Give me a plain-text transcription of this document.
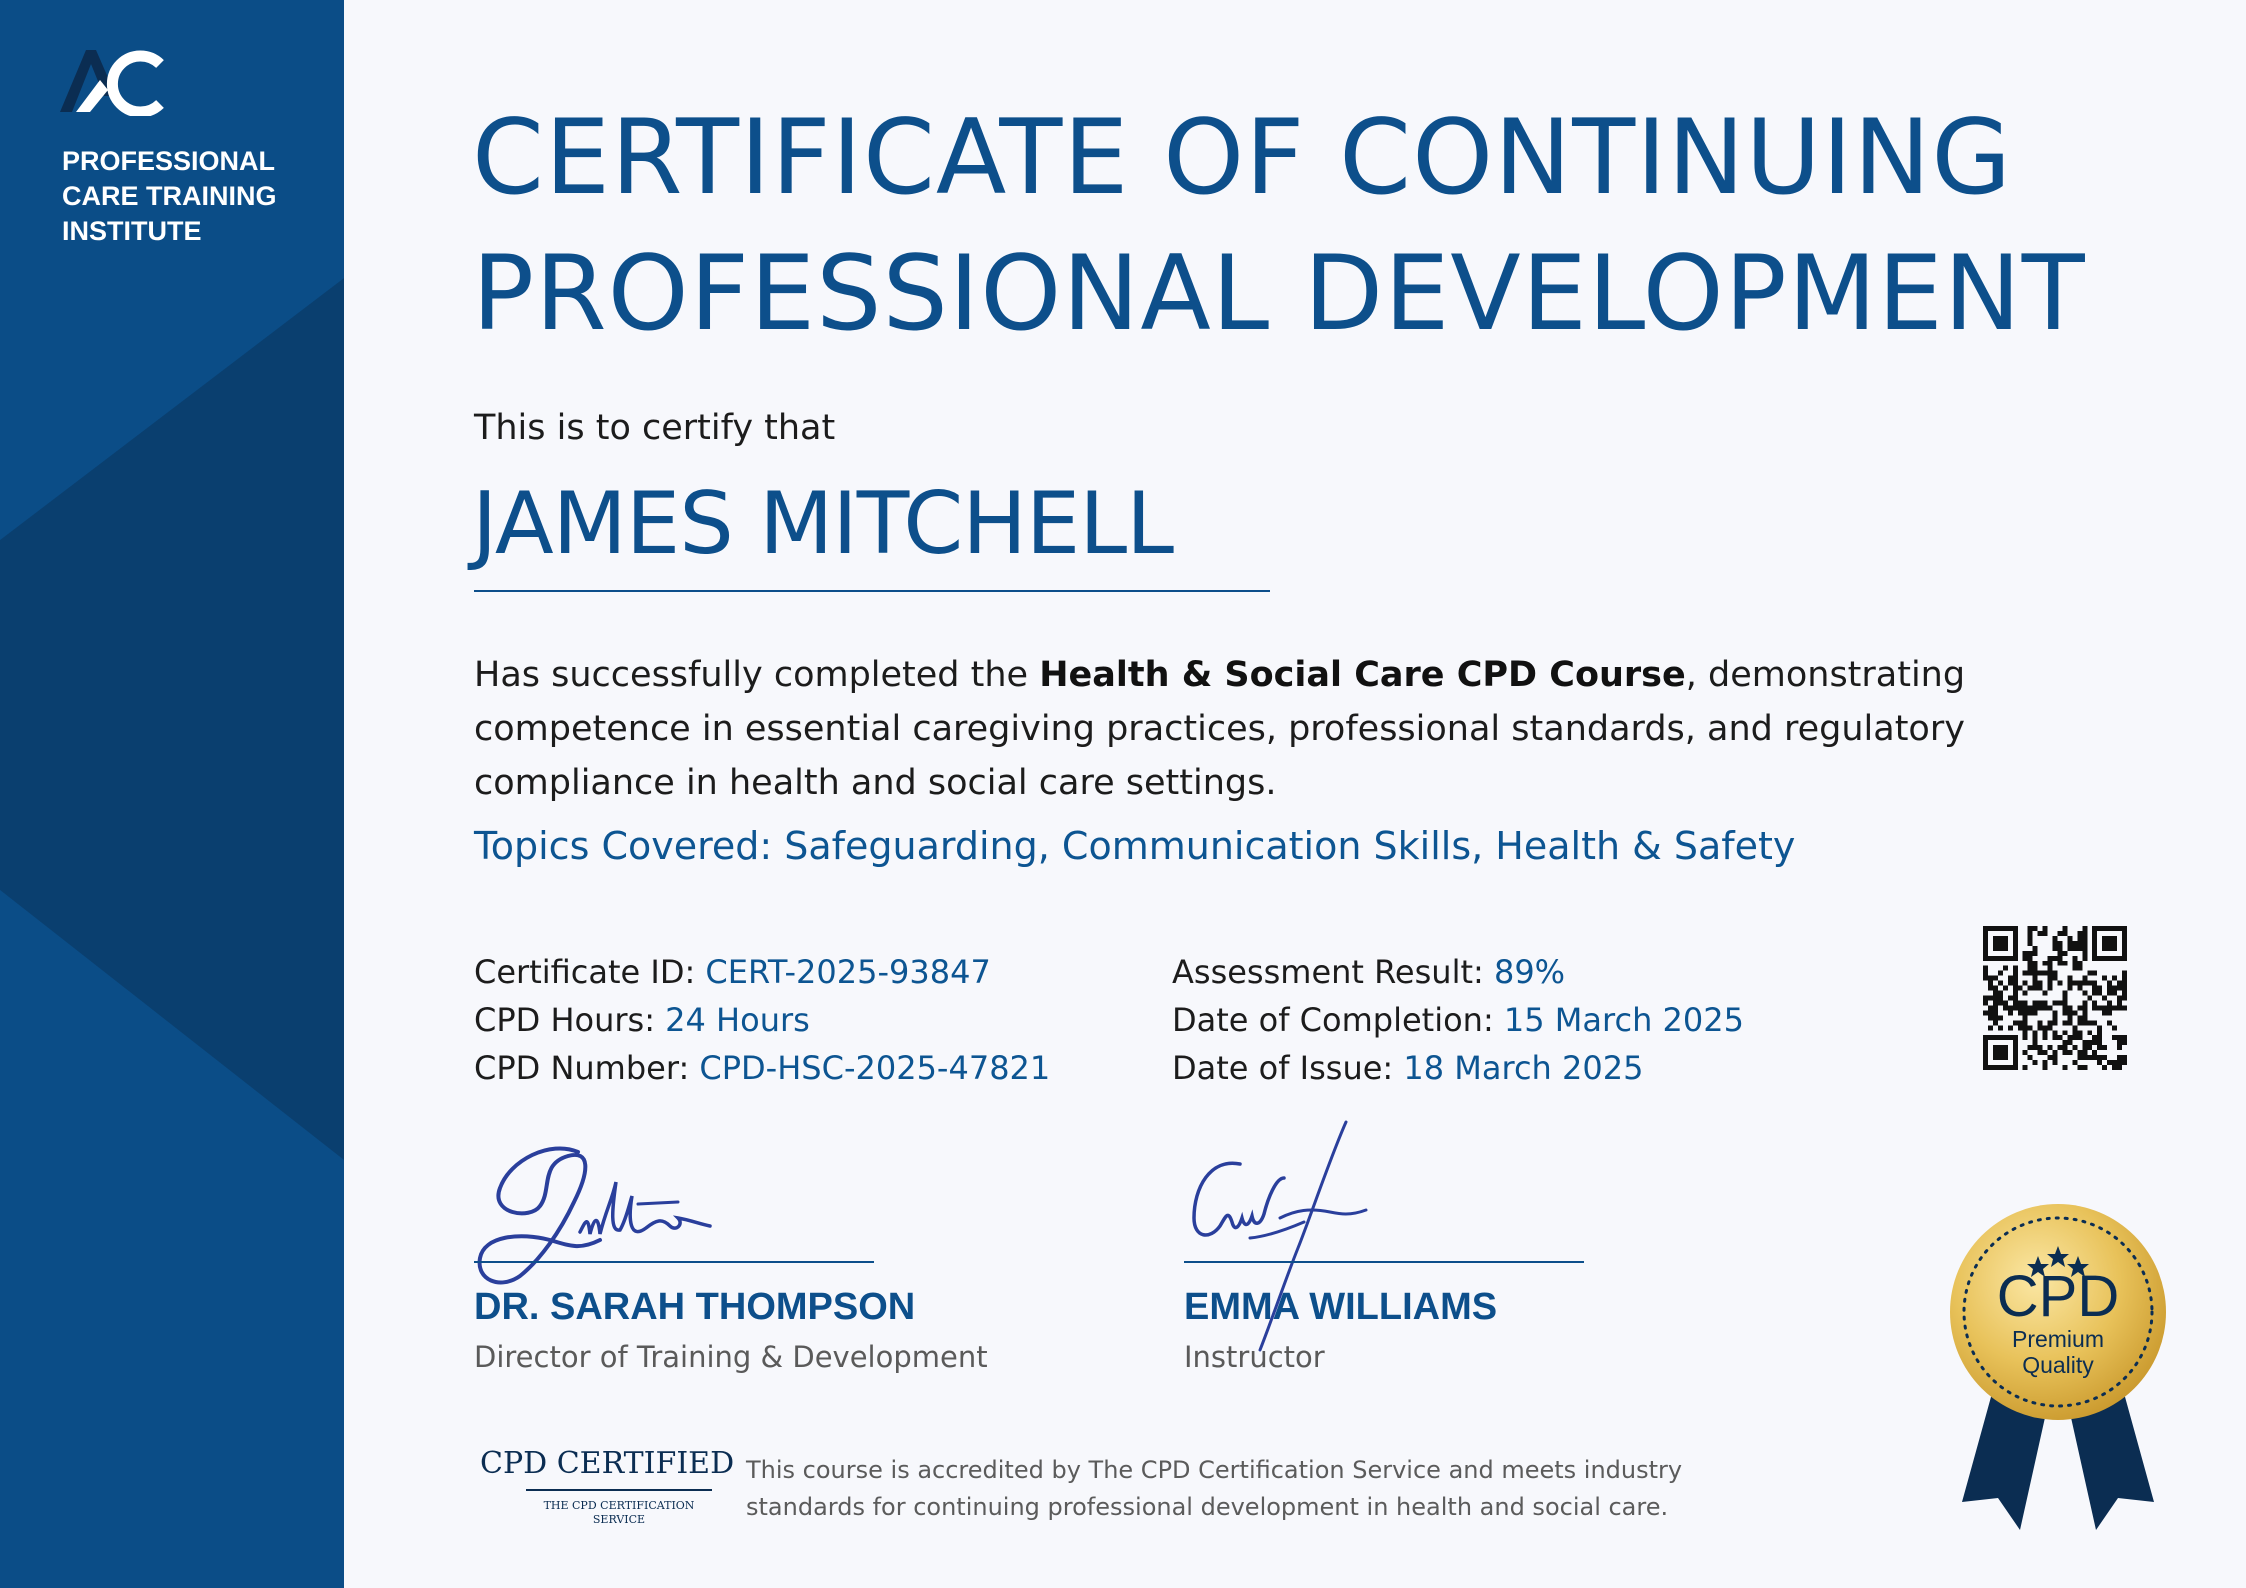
PROFESSIONAL
CARE TRAINING
INSTITUTE
CERTIFICATE OF CONTINUING
PROFESSIONAL DEVELOPMENT
This is to certify that
JAMES MITCHELL
Has successfully completed the Health & Social Care CPD Course, demonstrating competence in essential caregiving practices, professional standards, and regulatory compliance in health and social care settings.
Topics Covered: Safeguarding, Communication Skills, Health & Safety
Certificate ID: CERT-2025-93847
CPD Hours: 24 Hours
CPD Number: CPD-HSC-2025-47821
Assessment Result: 89%
Date of Completion: 15 March 2025
Date of Issue: 18 March 2025
DR. SARAH THOMPSON
Director of Training & Development
EMMA WILLIAMS
Instructor
CPD CERTIFIED
THE CPD CERTIFICATION
SERVICE
This course is accredited by The CPD Certification Service and meets industry standards for continuing professional development in health and social care.
CPD
Premium
Quality
